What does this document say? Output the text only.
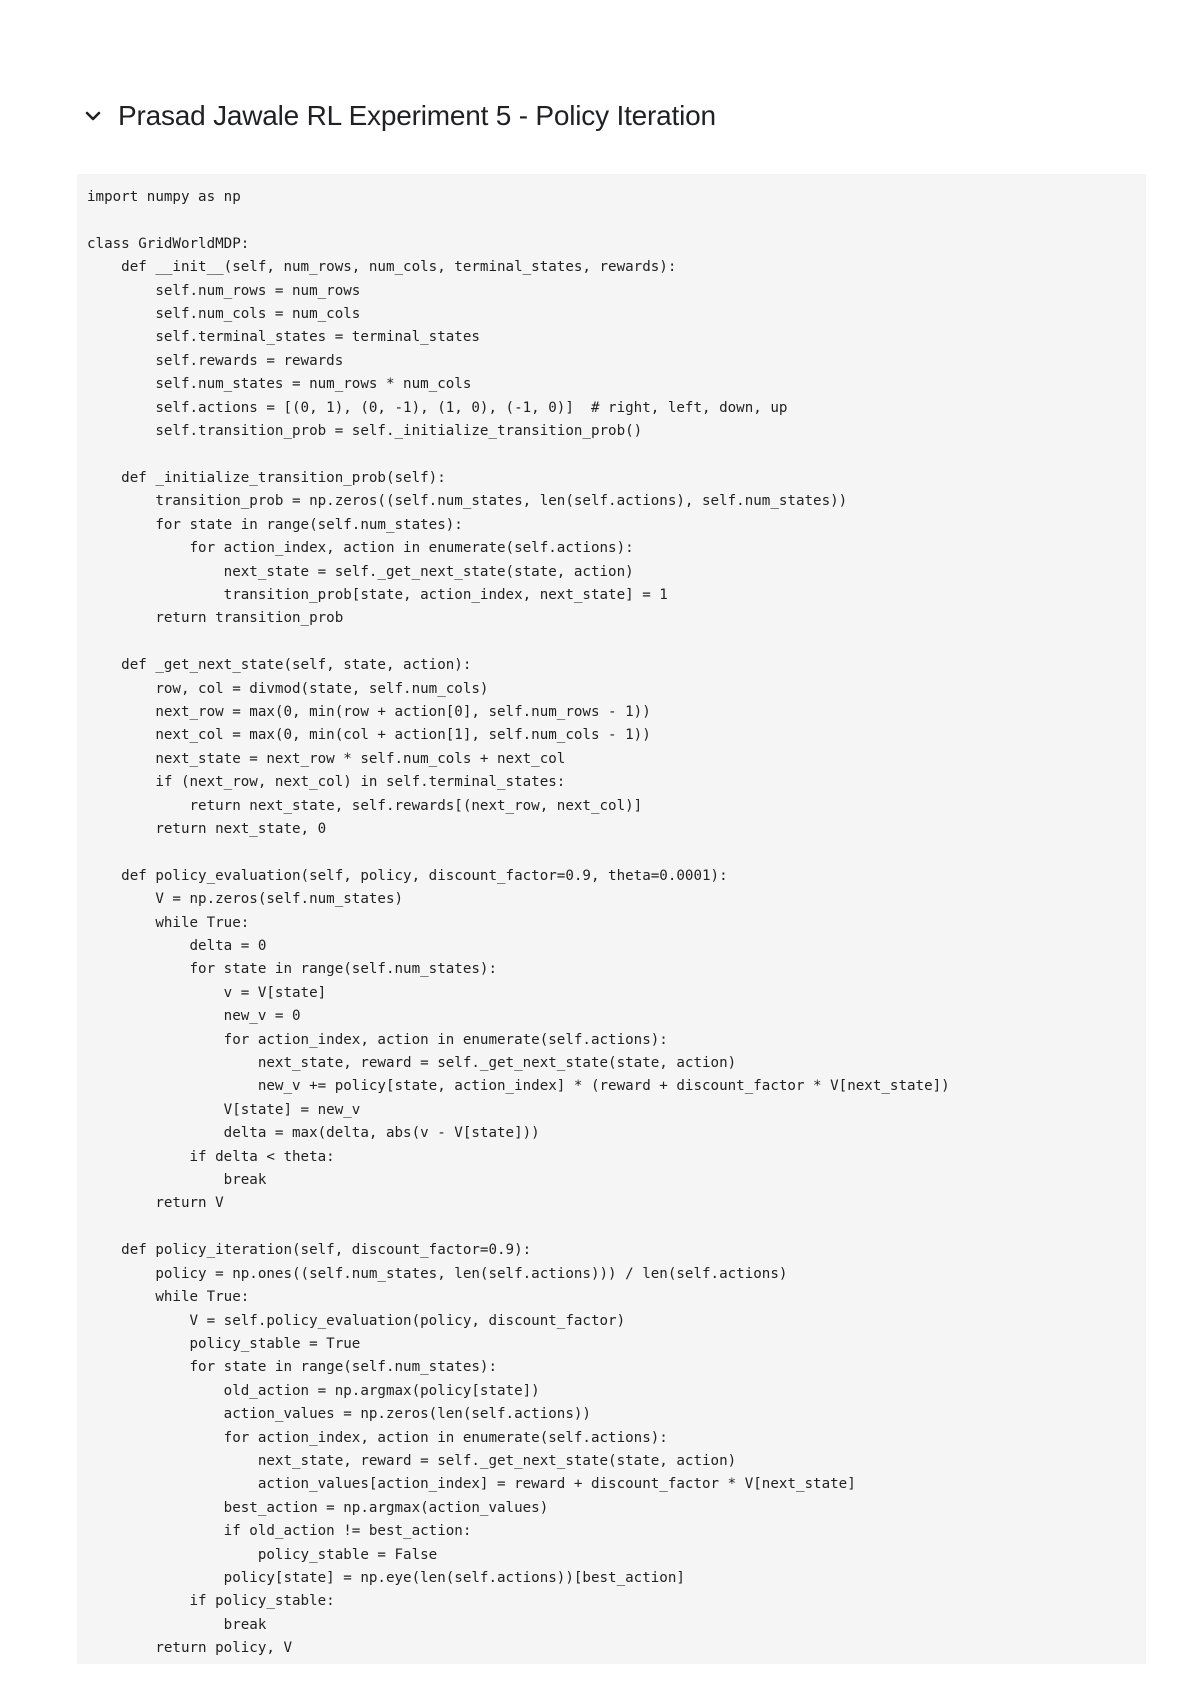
Prasad Jawale RL Experiment 5 - Policy Iteration
import numpy as np

class GridWorldMDP:
def __init__(self, num_rows, num_cols, terminal_states, rewards):
self.num_rows = num_rows
self.num_cols = num_cols
self.terminal_states = terminal_states
self.rewards = rewards
self.num_states = num_rows * num_cols
self.actions = [(0, 1), (0, -1), (1, 0), (-1, 0)]  # right, left, down, up
self.transition_prob = self._initialize_transition_prob()

def _initialize_transition_prob(self):
transition_prob = np.zeros((self.num_states, len(self.actions), self.num_states))
for state in range(self.num_states):
for action_index, action in enumerate(self.actions):
next_state = self._get_next_state(state, action)
transition_prob[state, action_index, next_state] = 1
return transition_prob

def _get_next_state(self, state, action):
row, col = divmod(state, self.num_cols)
next_row = max(0, min(row + action[0], self.num_rows - 1))
next_col = max(0, min(col + action[1], self.num_cols - 1))
next_state = next_row * self.num_cols + next_col
if (next_row, next_col) in self.terminal_states:
return next_state, self.rewards[(next_row, next_col)]
return next_state, 0

def policy_evaluation(self, policy, discount_factor=0.9, theta=0.0001):
V = np.zeros(self.num_states)
while True:
delta = 0
for state in range(self.num_states):
v = V[state]
new_v = 0
for action_index, action in enumerate(self.actions):
next_state, reward = self._get_next_state(state, action)
new_v += policy[state, action_index] * (reward + discount_factor * V[next_state])
V[state] = new_v
delta = max(delta, abs(v - V[state]))
if delta < theta:
break
return V

def policy_iteration(self, discount_factor=0.9):
policy = np.ones((self.num_states, len(self.actions))) / len(self.actions)
while True:
V = self.policy_evaluation(policy, discount_factor)
policy_stable = True
for state in range(self.num_states):
old_action = np.argmax(policy[state])
action_values = np.zeros(len(self.actions))
for action_index, action in enumerate(self.actions):
next_state, reward = self._get_next_state(state, action)
action_values[action_index] = reward + discount_factor * V[next_state]
best_action = np.argmax(action_values)
if old_action != best_action:
policy_stable = False
policy[state] = np.eye(len(self.actions))[best_action]
if policy_stable:
break
return policy, V
